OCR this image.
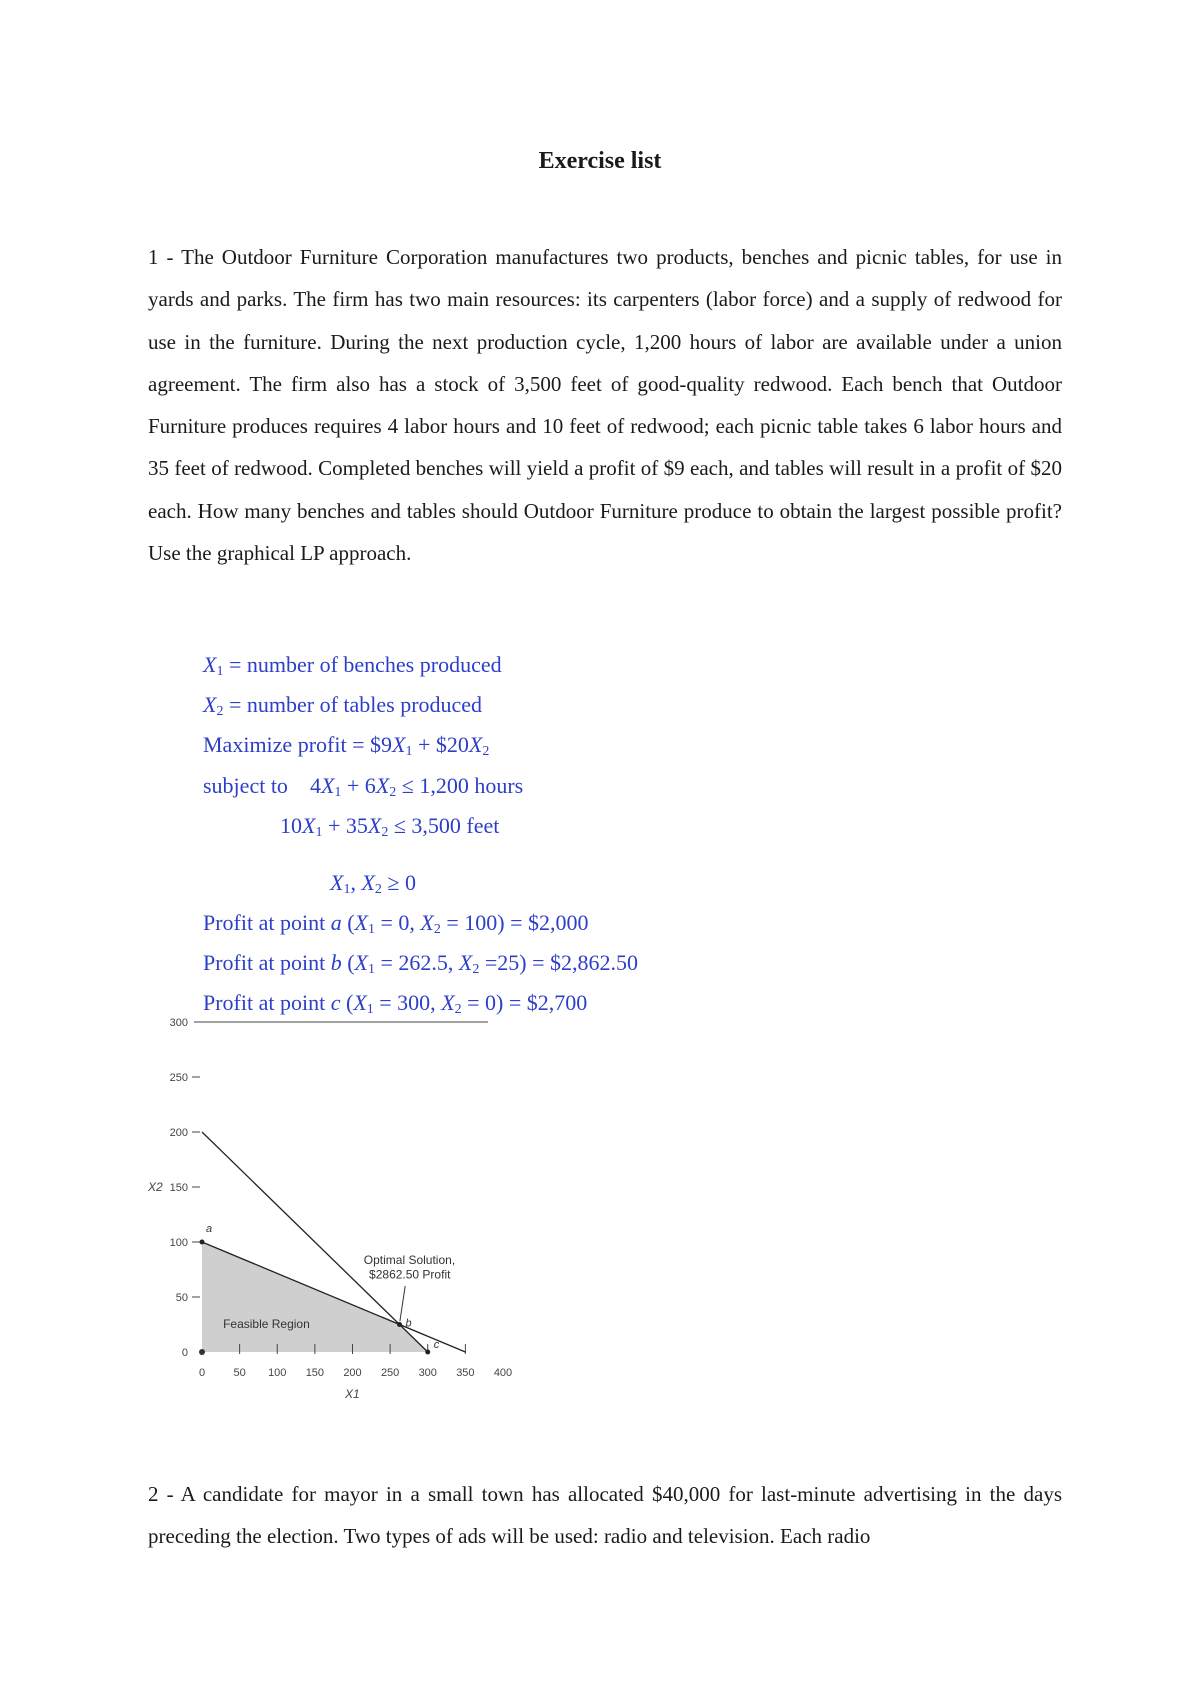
Exercise list
1 - The Outdoor Furniture Corporation manufactures two products, benches and picnic tables, for use in yards and parks. The firm has two main resources: its carpenters (labor force) and a supply of redwood for use in the furniture. During the next production cycle, 1,200 hours of labor are available under a union agreement. The firm also has a stock of 3,500 feet of good-quality redwood. Each bench that Outdoor Furniture produces requires 4 labor hours and 10 feet of redwood; each picnic table takes 6 labor hours and 35 feet of redwood. Completed benches will yield a profit of $9 each, and tables will result in a profit of $20 each. How many benches and tables should Outdoor Furniture produce to obtain the largest possible profit? Use the graphical LP approach.
$X_1$ = number of benches produced
$X_2$ = number of tables produced
Maximize profit = $\$9X_1$ + $\$20X_2$
subject to $4X_1 + 6X_2 \le 1,200$ hours
$10X_1 + 35X_2 \le 3,500$ feet
$X_1$, $X_2 \ge 0$
Profit at point a ($X_1 = 0$, $X_2 = 100$) = $2,000
Profit at point b ($X_1 = 262.5$, $X_2 =25$) = $2,862.50
Profit at point c ($X_1 = 300$, $X_2 = 0$) = $2,700
Feasible Region
0
50
100
150
200
250
300
0	50 100 150 200 250 300 350 400
X2
X1
a
b
c
Optimal Solution,
$2862.50 Profit
2 - A candidate for mayor in a small town has allocated $40,000 for last-minute advertising in the days preceding the election. Two types of ads will be used: radio and television. Each radio
